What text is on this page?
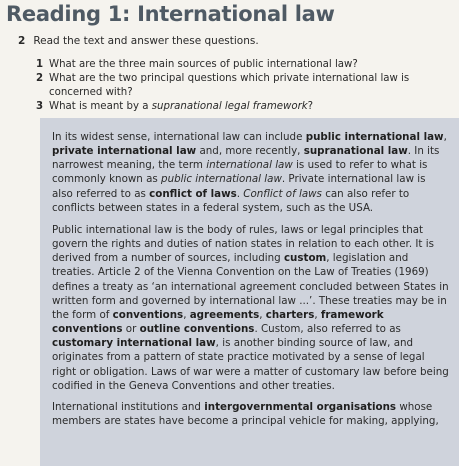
Reading 1: International law
2 Read the text and answer these questions.
1 What are the three main sources of public international law?
2 What are the two principal questions which private international law is concerned with?
3 What is meant by a supranational legal framework?

In its widest sense, international law can include public international law, private international law and, more recently, supranational law. In its narrowest meaning, the term international law is used to refer to what is commonly known as public international law. Private international law is also referred to as conflict of laws. Conflict of laws can also refer to conflicts between states in a federal system, such as the USA.

Public international law is the body of rules, laws or legal principles that govern the rights and duties of nation states in relation to each other. It is derived from a number of sources, including custom, legislation and treaties. Article 2 of the Vienna Convention on the Law of Treaties (1969) defines a treaty as ‘an international agreement concluded between States in written form and governed by international law ...’. These treaties may be in the form of conventions, agreements, charters, framework conventions or outline conventions. Custom, also referred to as customary international law, is another binding source of law, and originates from a pattern of state practice motivated by a sense of legal right or obligation. Laws of war were a matter of customary law before being codified in the Geneva Conventions and other treaties.

International institutions and intergovernmental organisations whose members are states have become a principal vehicle for making, applying,
